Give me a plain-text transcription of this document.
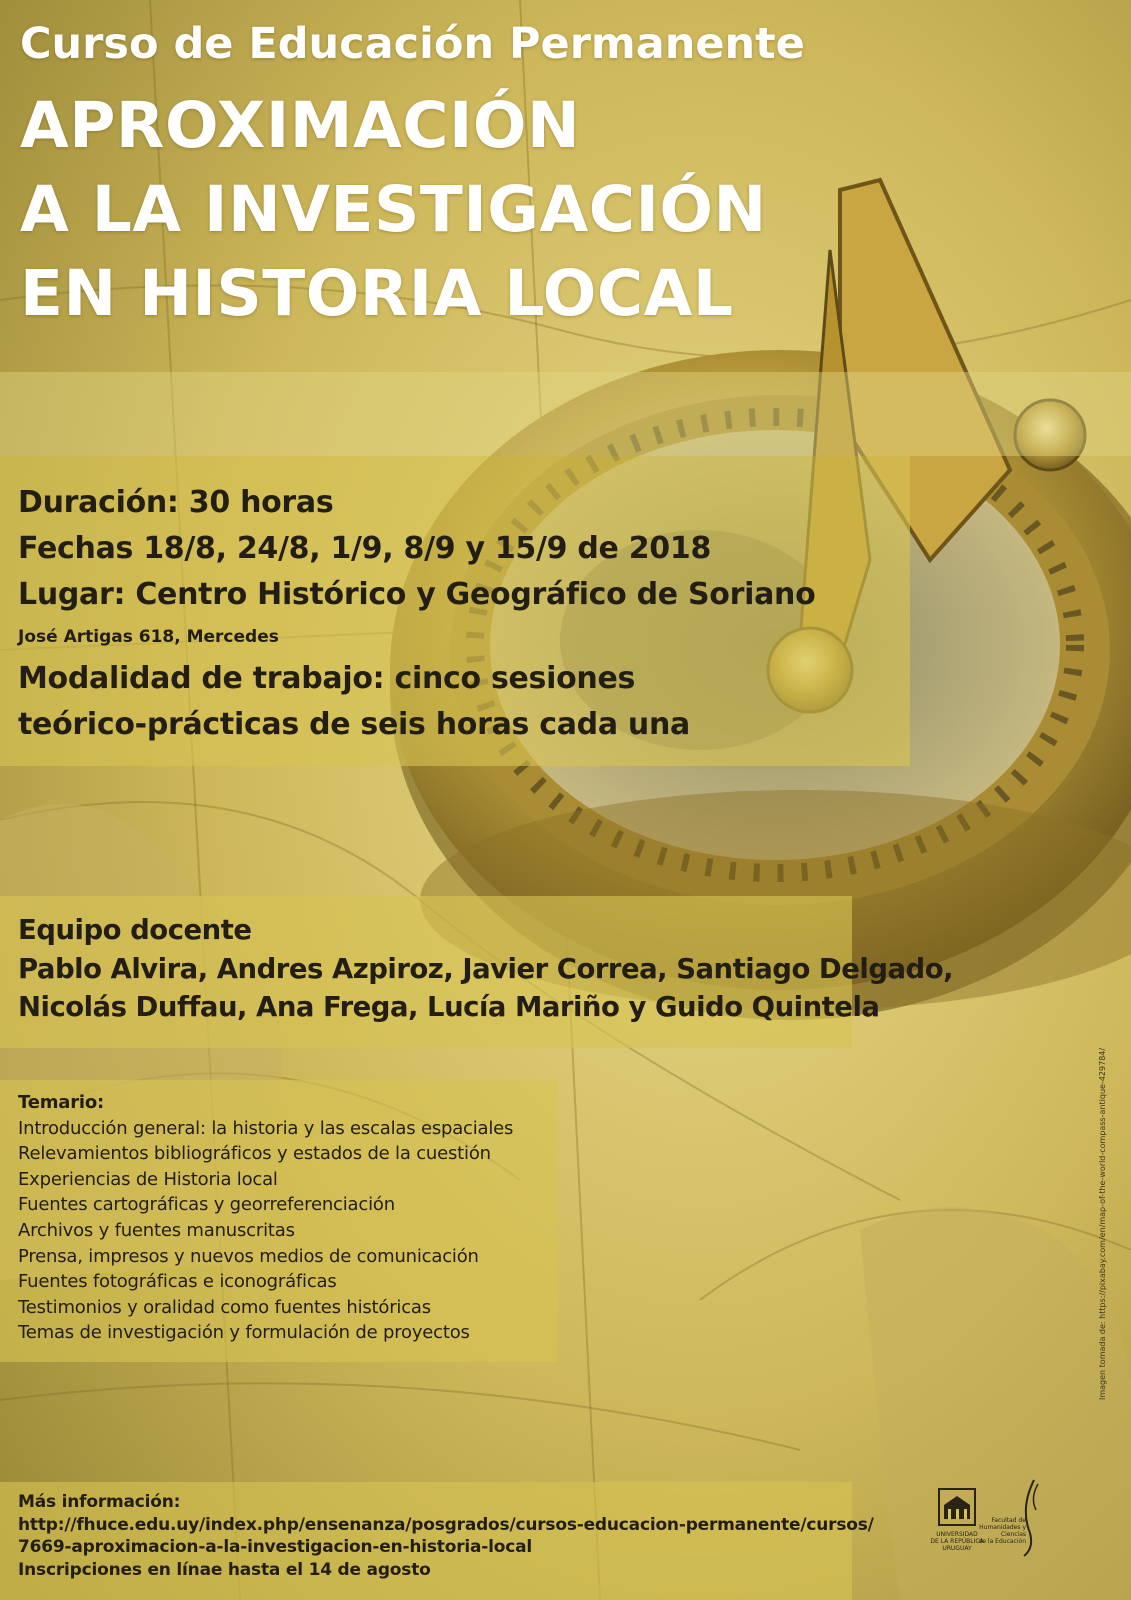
Curso de Educación Permanente
APROXIMACIÓN
A LA INVESTIGACIÓN
EN HISTORIA LOCAL
Duración: 30 horas
Fechas 18/8, 24/8, 1/9, 8/9 y 15/9 de 2018
Lugar: Centro Histórico y Geográfico de Soriano
José Artigas 618, Mercedes
Modalidad de trabajo: cinco sesiones
teórico-prácticas de seis horas cada una
Equipo docente
Pablo Alvira, Andres Azpiroz, Javier Correa, Santiago Delgado,
Nicolás Duffau, Ana Frega, Lucía Mariño y Guido Quintela
Temario:
Introducción general: la historia y las escalas espaciales
Relevamientos bibliográficos y estados de la cuestión
Experiencias de Historia local
Fuentes cartográficas y georreferenciación
Archivos y fuentes manuscritas
Prensa, impresos y nuevos medios de comunicación
Fuentes fotográficas e iconográficas
Testimonios y oralidad como fuentes históricas
Temas de investigación y formulación de proyectos
Más información:
http://fhuce.edu.uy/index.php/ensenanza/posgrados/cursos-educacion-permanente/cursos/
7669-aproximacion-a-la-investigacion-en-historia-local
Inscripciones en línae hasta el 14 de agosto
Imagen tomada de: https://pixabay.com/en/map-of-the-world-compass-antique-429784/
UNIVERSIDAD
DE LA REPÚBLICA
URUGUAY
Facultad de
Humanidades y
Ciencias
de la Educación
